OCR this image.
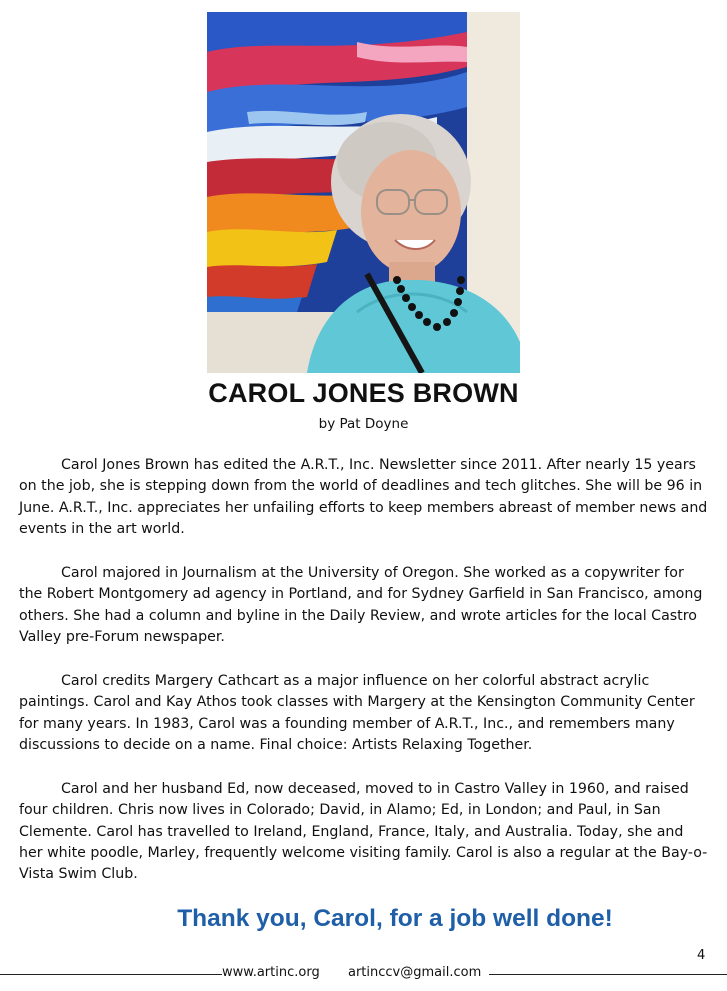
CAROL JONES BROWN

by Pat Doyne

Carol Jones Brown has edited the A.R.T., Inc. Newsletter since 2011. After nearly 15 years on the job, she is stepping down from the world of deadlines and tech glitches. She will be 96 in June. A.R.T., Inc. appreciates her unfailing efforts to keep members abreast of member news and events in the art world.

Carol majored in Journalism at the University of Oregon. She worked as a copywriter for the Robert Montgomery ad agency in Portland, and for Sydney Garfield in San Francisco, among others. She had a column and byline in the Daily Review, and wrote articles for the local Castro Valley pre-Forum newspaper.

Carol credits Margery Cathcart as a major influence on her colorful abstract acrylic paintings. Carol and Kay Athos took classes with Margery at the Kensington Community Center for many years. In 1983, Carol was a founding member of A.R.T., Inc., and remembers many discussions to decide on a name. Final choice: Artists Relaxing Together.

Carol and her husband Ed, now deceased, moved to in Castro Valley in 1960, and raised four children. Chris now lives in Colorado; David, in Alamo; Ed, in London; and Paul, in San Clemente. Carol has travelled to Ireland, England, France, Italy, and Australia. Today, she and her white poodle, Marley, frequently welcome visiting family. Carol is also a regular at the Bay-o-Vista Swim Club.

Thank you, Carol, for a job well done!

4
www.artinc.org artinccv@gmail.com
